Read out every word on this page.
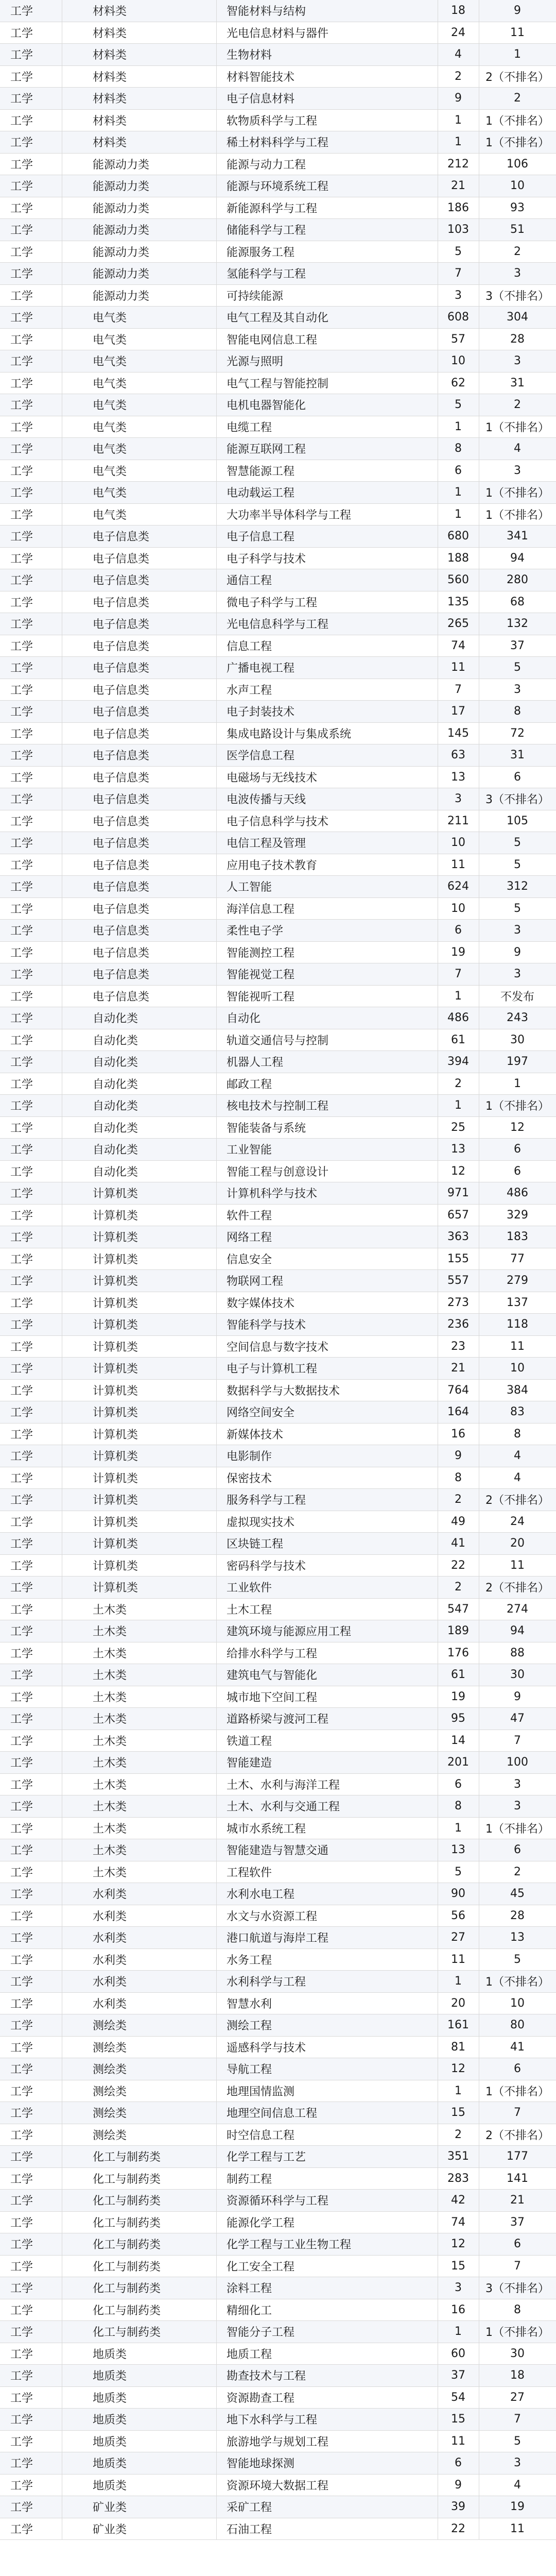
工学	材料类	智能材料与结构	18	9
工学	材料类	光电信息材料与器件	24	11
工学	材料类	生物材料	4	1
工学	材料类	材料智能技术	2	2（不排名）
工学	材料类	电子信息材料	9	2
工学	材料类	软物质科学与工程	1	1（不排名）
工学	材料类	稀土材料科学与工程	1	1（不排名）
工学	能源动力类	能源与动力工程	212	106
工学	能源动力类	能源与环境系统工程	21	10
工学	能源动力类	新能源科学与工程	186	93
工学	能源动力类	储能科学与工程	103	51
工学	能源动力类	能源服务工程	5	2
工学	能源动力类	氢能科学与工程	7	3
工学	能源动力类	可持续能源	3	3（不排名）
工学	电气类	电气工程及其自动化	608	304
工学	电气类	智能电网信息工程	57	28
工学	电气类	光源与照明	10	3
工学	电气类	电气工程与智能控制	62	31
工学	电气类	电机电器智能化	5	2
工学	电气类	电缆工程	1	1（不排名）
工学	电气类	能源互联网工程	8	4
工学	电气类	智慧能源工程	6	3
工学	电气类	电动载运工程	1	1（不排名）
工学	电气类	大功率半导体科学与工程	1	1（不排名）
工学	电子信息类	电子信息工程	680	341
工学	电子信息类	电子科学与技术	188	94
工学	电子信息类	通信工程	560	280
工学	电子信息类	微电子科学与工程	135	68
工学	电子信息类	光电信息科学与工程	265	132
工学	电子信息类	信息工程	74	37
工学	电子信息类	广播电视工程	11	5
工学	电子信息类	水声工程	7	3
工学	电子信息类	电子封装技术	17	8
工学	电子信息类	集成电路设计与集成系统	145	72
工学	电子信息类	医学信息工程	63	31
工学	电子信息类	电磁场与无线技术	13	6
工学	电子信息类	电波传播与天线	3	3（不排名）
工学	电子信息类	电子信息科学与技术	211	105
工学	电子信息类	电信工程及管理	10	5
工学	电子信息类	应用电子技术教育	11	5
工学	电子信息类	人工智能	624	312
工学	电子信息类	海洋信息工程	10	5
工学	电子信息类	柔性电子学	6	3
工学	电子信息类	智能测控工程	19	9
工学	电子信息类	智能视觉工程	7	3
工学	电子信息类	智能视听工程	1	不发布
工学	自动化类	自动化	486	243
工学	自动化类	轨道交通信号与控制	61	30
工学	自动化类	机器人工程	394	197
工学	自动化类	邮政工程	2	1
工学	自动化类	核电技术与控制工程	1	1（不排名）
工学	自动化类	智能装备与系统	25	12
工学	自动化类	工业智能	13	6
工学	自动化类	智能工程与创意设计	12	6
工学	计算机类	计算机科学与技术	971	486
工学	计算机类	软件工程	657	329
工学	计算机类	网络工程	363	183
工学	计算机类	信息安全	155	77
工学	计算机类	物联网工程	557	279
工学	计算机类	数字媒体技术	273	137
工学	计算机类	智能科学与技术	236	118
工学	计算机类	空间信息与数字技术	23	11
工学	计算机类	电子与计算机工程	21	10
工学	计算机类	数据科学与大数据技术	764	384
工学	计算机类	网络空间安全	164	83
工学	计算机类	新媒体技术	16	8
工学	计算机类	电影制作	9	4
工学	计算机类	保密技术	8	4
工学	计算机类	服务科学与工程	2	2（不排名）
工学	计算机类	虚拟现实技术	49	24
工学	计算机类	区块链工程	41	20
工学	计算机类	密码科学与技术	22	11
工学	计算机类	工业软件	2	2（不排名）
工学	土木类	土木工程	547	274
工学	土木类	建筑环境与能源应用工程	189	94
工学	土木类	给排水科学与工程	176	88
工学	土木类	建筑电气与智能化	61	30
工学	土木类	城市地下空间工程	19	9
工学	土木类	道路桥梁与渡河工程	95	47
工学	土木类	铁道工程	14	7
工学	土木类	智能建造	201	100
工学	土木类	土木、水利与海洋工程	6	3
工学	土木类	土木、水利与交通工程	8	3
工学	土木类	城市水系统工程	1	1（不排名）
工学	土木类	智能建造与智慧交通	13	6
工学	土木类	工程软件	5	2
工学	水利类	水利水电工程	90	45
工学	水利类	水文与水资源工程	56	28
工学	水利类	港口航道与海岸工程	27	13
工学	水利类	水务工程	11	5
工学	水利类	水利科学与工程	1	1（不排名）
工学	水利类	智慧水利	20	10
工学	测绘类	测绘工程	161	80
工学	测绘类	遥感科学与技术	81	41
工学	测绘类	导航工程	12	6
工学	测绘类	地理国情监测	1	1（不排名）
工学	测绘类	地理空间信息工程	15	7
工学	测绘类	时空信息工程	2	2（不排名）
工学	化工与制药类	化学工程与工艺	351	177
工学	化工与制药类	制药工程	283	141
工学	化工与制药类	资源循环科学与工程	42	21
工学	化工与制药类	能源化学工程	74	37
工学	化工与制药类	化学工程与工业生物工程	12	6
工学	化工与制药类	化工安全工程	15	7
工学	化工与制药类	涂料工程	3	3（不排名）
工学	化工与制药类	精细化工	16	8
工学	化工与制药类	智能分子工程	1	1（不排名）
工学	地质类	地质工程	60	30
工学	地质类	勘查技术与工程	37	18
工学	地质类	资源勘查工程	54	27
工学	地质类	地下水科学与工程	15	7
工学	地质类	旅游地学与规划工程	11	5
工学	地质类	智能地球探测	6	3
工学	地质类	资源环境大数据工程	9	4
工学	矿业类	采矿工程	39	19
工学	矿业类	石油工程	22	11
